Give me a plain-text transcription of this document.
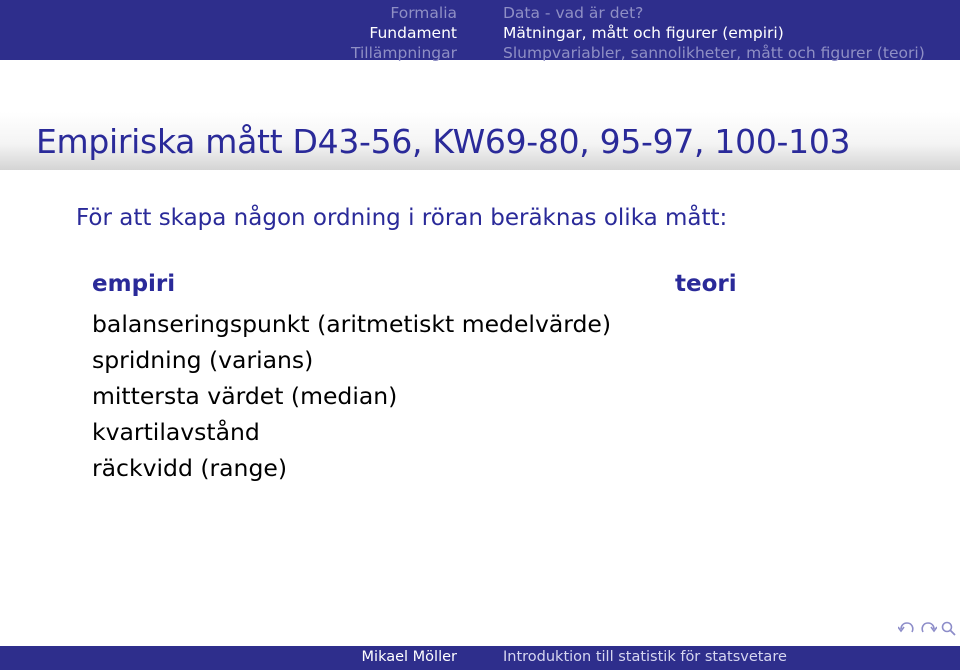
Formalia
Fundament
Tillämpningar
Data - vad är det?
Mätningar, mått och figurer (empiri)
Slumpvariabler, sannolikheter, mått och figurer (teori)
Empiriska mått D43-56, KW69-80, 95-97, 100-103
För att skapa någon ordning i röran beräknas olika mått:
empiri	teori
balanseringspunkt (aritmetiskt medelvärde)
spridning (varians)
mittersta värdet (median)
kvartilavstånd
räckvidd (range)
Mikael Möller	Introduktion till statistik för statsvetare
